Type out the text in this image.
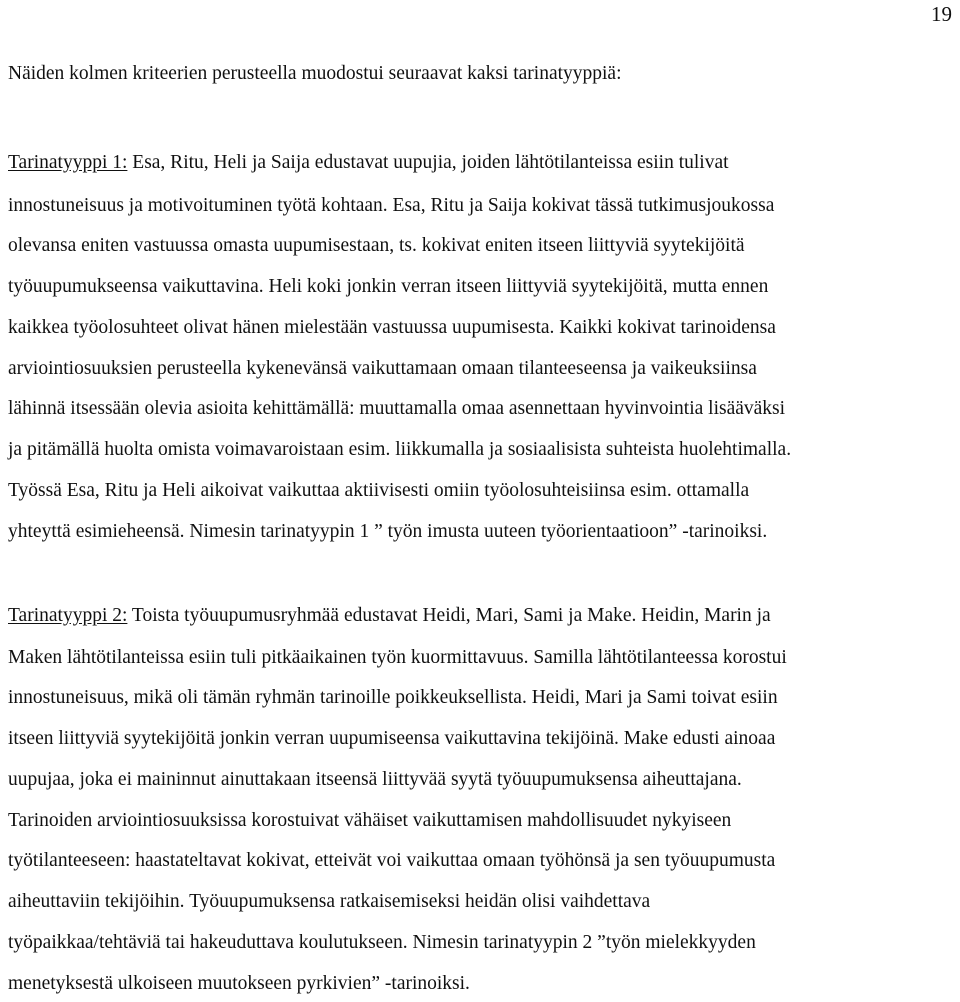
19
Näiden kolmen kriteerien perusteella muodostui seuraavat kaksi tarinatyyppiä:
Tarinatyyppi 1: Esa, Ritu, Heli ja Saija edustavat uupujia, joiden lähtötilanteissa esiin tulivat
innostuneisuus ja motivoituminen työtä kohtaan. Esa, Ritu ja Saija kokivat tässä tutkimusjoukossa
olevansa eniten vastuussa omasta uupumisestaan, ts. kokivat eniten itseen liittyviä syytekijöitä
työuupumukseensa vaikuttavina. Heli koki jonkin verran itseen liittyviä syytekijöitä, mutta ennen
kaikkea työolosuhteet olivat hänen mielestään vastuussa uupumisesta. Kaikki kokivat tarinoidensa
arviointiosuuksien perusteella kykenevänsä vaikuttamaan omaan tilanteeseensa ja vaikeuksiinsa
lähinnä itsessään olevia asioita kehittämällä: muuttamalla omaa asennettaan hyvinvointia lisääväksi
ja pitämällä huolta omista voimavaroistaan esim. liikkumalla ja sosiaalisista suhteista huolehtimalla.
Työssä Esa, Ritu ja Heli aikoivat vaikuttaa aktiivisesti omiin työolosuhteisiinsa esim. ottamalla
yhteyttä esimieheensä. Nimesin tarinatyypin 1 ” työn imusta uuteen työorientaatioon” -tarinoiksi.
Tarinatyyppi 2: Toista työuupumusryhmää edustavat Heidi, Mari, Sami ja Make. Heidin, Marin ja
Maken lähtötilanteissa esiin tuli pitkäaikainen työn kuormittavuus. Samilla lähtötilanteessa korostui
innostuneisuus, mikä oli tämän ryhmän tarinoille poikkeuksellista. Heidi, Mari ja Sami toivat esiin
itseen liittyviä syytekijöitä jonkin verran uupumiseensa vaikuttavina tekijöinä. Make edusti ainoaa
uupujaa, joka ei maininnut ainuttakaan itseensä liittyvää syytä työuupumuksensa aiheuttajana.
Tarinoiden arviointiosuuksissa korostuivat vähäiset vaikuttamisen mahdollisuudet nykyiseen
työtilanteeseen: haastateltavat kokivat, etteivät voi vaikuttaa omaan työhönsä ja sen työuupumusta
aiheuttaviin tekijöihin. Työuupumuksensa ratkaisemiseksi heidän olisi vaihdettava
työpaikkaa/tehtäviä tai hakeuduttava koulutukseen. Nimesin tarinatyypin 2 ”työn mielekkyyden
menetyksestä ulkoiseen muutokseen pyrkivien” -tarinoiksi.
